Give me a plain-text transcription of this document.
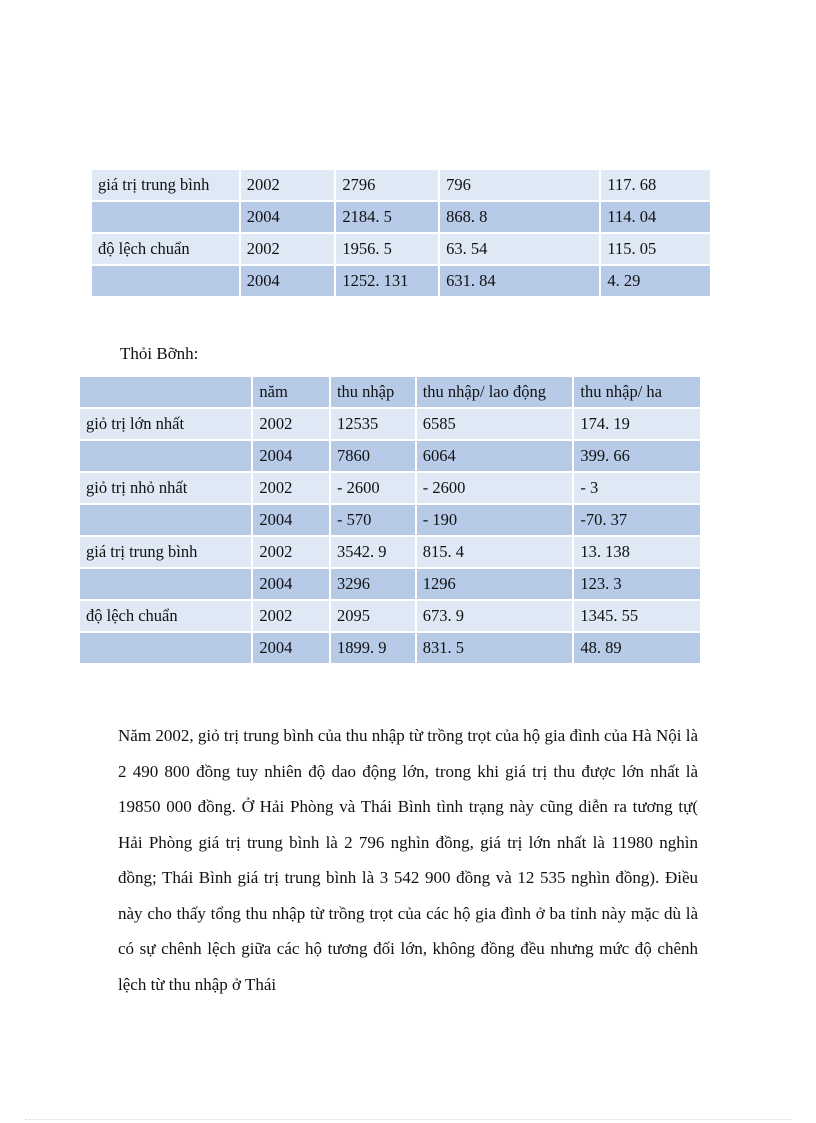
giá trị trung bình	2002	2796	796	117. 68
	2004	2184. 5	868. 8	114. 04
độ lệch chuẩn	2002	1956. 5	63. 54	115. 05
	2004	1252. 131	631. 84	4. 29
Thỏi Bỡnh:
	năm	thu nhập	thu nhập/ lao động	thu nhập/ ha
giỏ trị lớn nhất	2002	12535	6585	174. 19
	2004	7860	6064	399. 66
giỏ trị nhỏ nhất	2002	- 2600	- 2600	- 3
	2004	- 570	- 190	-70. 37
giá trị trung bình	2002	3542. 9	815. 4	13. 138
	2004	3296	1296	123. 3
độ lệch chuẩn	2002	2095	673. 9	1345. 55
	2004	1899. 9	831. 5	48. 89

Năm 2002, giỏ trị trung bình của thu nhập từ trồng trọt của hộ gia đình của Hà Nội là 2 490 800 đồng tuy nhiên độ dao động lớn, trong khi giá trị thu được lớn nhất là 19850 000 đồng. Ở Hải Phòng và Thái Bình tình trạng này cũng diễn ra tương tự( Hải Phòng giá trị trung bình là 2 796 nghìn đồng, giá trị lớn nhất là 11980 nghìn đồng; Thái Bình giá trị trung bình là 3 542 900 đồng và 12 535 nghìn đồng). Điều này cho thấy tổng thu nhập từ trồng trọt của các hộ gia đình ở ba tỉnh này mặc dù là có sự chênh lệch giữa các hộ tương đối lớn, không đồng đều nhưng mức độ chênh lệch từ thu nhập ở Thái
